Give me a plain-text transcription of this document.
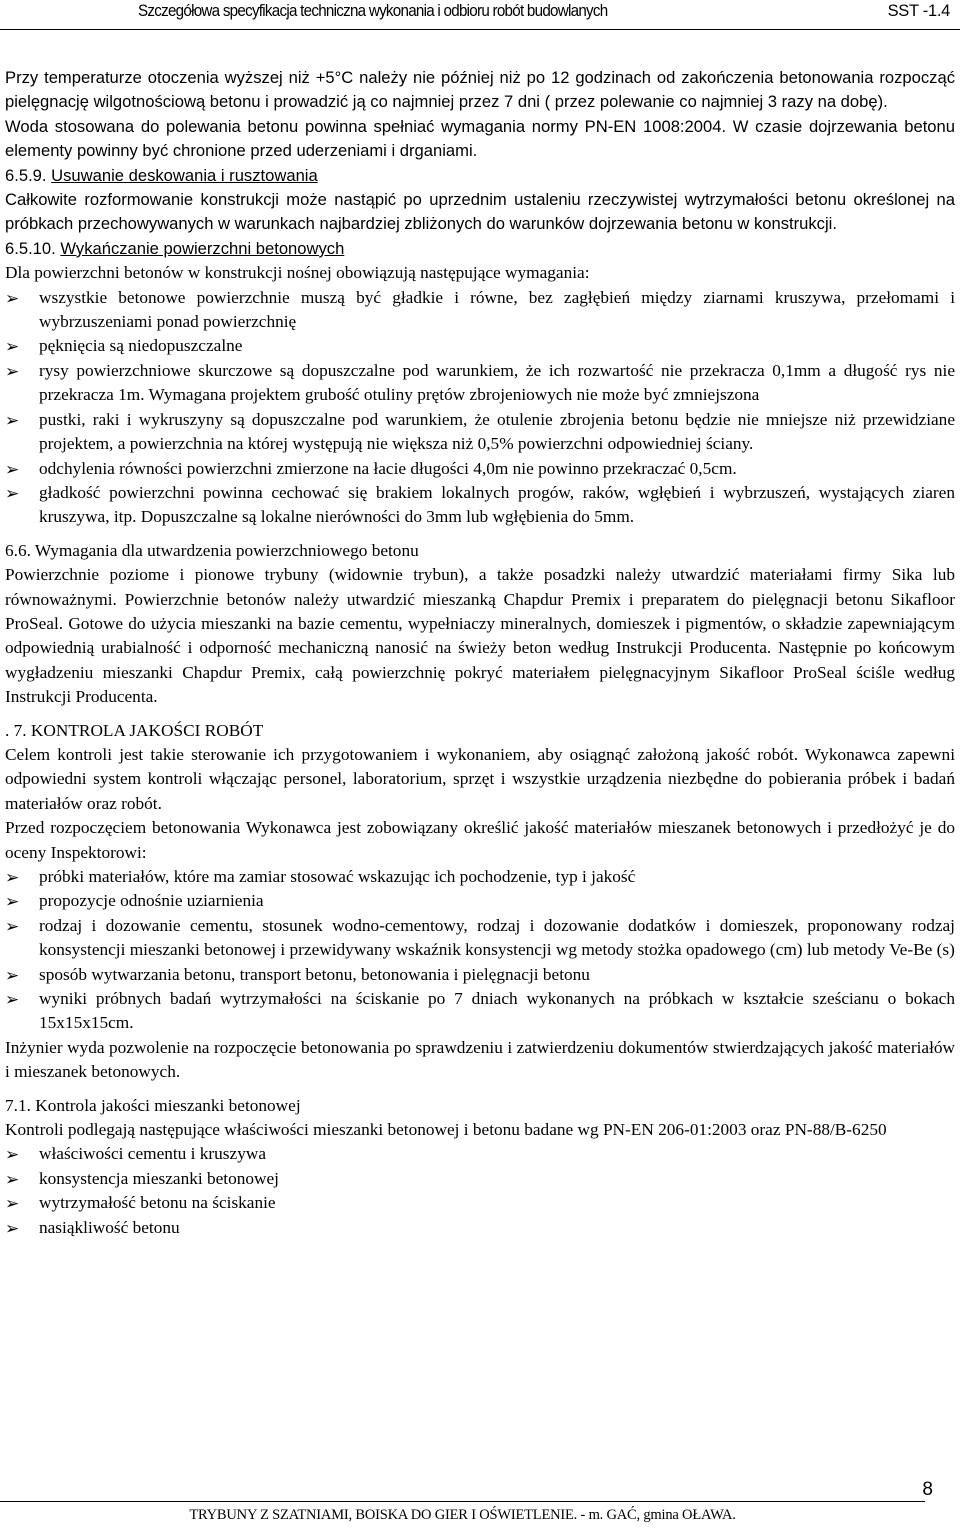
Szczegółowa specyfikacja techniczna wykonania i odbioru robót budowlanych	SST -1.4

Przy temperaturze otoczenia wyższej niż +5°C należy nie później niż po 12 godzinach od zakończenia betonowania rozpocząć pielęgnację wilgotnościową betonu i prowadzić ją co najmniej przez 7 dni ( przez polewanie co najmniej 3 razy na dobę).

Woda stosowana do polewania betonu powinna spełniać wymagania normy PN-EN 1008:2004. W czasie dojrzewania betonu elementy powinny być chronione przed uderzeniami i drganiami.

6.5.9. Usuwanie deskowania i rusztowania

Całkowite rozformowanie konstrukcji może nastąpić po uprzednim ustaleniu rzeczywistej wytrzymałości betonu określonej na próbkach przechowywanych w warunkach najbardziej zbliżonych do warunków dojrzewania betonu w konstrukcji.

6.5.10. Wykańczanie powierzchni betonowych

Dla powierzchni betonów w konstrukcji nośnej obowiązują następujące wymagania:

➢ wszystkie betonowe powierzchnie muszą być gładkie i równe, bez zagłębień między ziarnami kruszywa, przełomami i wybrzuszeniami ponad powierzchnię
➢ pęknięcia są niedopuszczalne
➢ rysy powierzchniowe skurczowe są dopuszczalne pod warunkiem, że ich rozwartość nie przekracza 0,1mm a długość rys nie przekracza 1m. Wymagana projektem grubość otuliny prętów zbrojeniowych nie może być zmniejszona
➢ pustki, raki i wykruszyny są dopuszczalne pod warunkiem, że otulenie zbrojenia betonu będzie nie mniejsze niż przewidziane projektem, a powierzchnia na której występują nie większa niż 0,5% powierzchni odpowiedniej ściany.
➢ odchylenia równości powierzchni zmierzone na łacie długości 4,0m nie powinno przekraczać 0,5cm.
➢ gładkość powierzchni powinna cechować się brakiem lokalnych progów, raków, wgłębień i wybrzuszeń, wystających ziaren kruszywa, itp. Dopuszczalne są lokalne nierówności do 3mm lub wgłębienia do 5mm.
6.6. Wymagania dla utwardzenia powierzchniowego betonu

Powierzchnie poziome i pionowe trybuny (widownie trybun), a także posadzki należy utwardzić materiałami firmy Sika lub równoważnymi. Powierzchnie betonów należy utwardzić mieszanką Chapdur Premix i preparatem do pielęgnacji betonu Sikafloor ProSeal. Gotowe do użycia mieszanki na bazie cementu, wypełniaczy mineralnych, domieszek i pigmentów, o składzie zapewniającym odpowiednią urabialność i odporność mechaniczną nanosić na świeży beton według Instrukcji Producenta. Następnie po końcowym wygładzeniu mieszanki Chapdur Premix, całą powierzchnię pokryć materiałem pielęgnacyjnym Sikafloor ProSeal ściśle według Instrukcji Producenta.

. 7. KONTROLA JAKOŚCI ROBÓT

Celem kontroli jest takie sterowanie ich przygotowaniem i wykonaniem, aby osiągnąć założoną jakość robót. Wykonawca zapewni odpowiedni system kontroli włączając personel, laboratorium, sprzęt i wszystkie urządzenia niezbędne do pobierania próbek i badań materiałów oraz robót.

Przed rozpoczęciem betonowania Wykonawca jest zobowiązany określić jakość materiałów mieszanek betonowych i przedłożyć je do oceny Inspektorowi:

➢ próbki materiałów, które ma zamiar stosować wskazując ich pochodzenie, typ i jakość
➢ propozycje odnośnie uziarnienia
➢ rodzaj i dozowanie cementu, stosunek wodno-cementowy, rodzaj i dozowanie dodatków i domieszek, proponowany rodzaj konsystencji mieszanki betonowej i przewidywany wskaźnik konsystencji wg metody stożka opadowego (cm) lub metody Ve-Be (s)
➢ sposób wytwarzania betonu, transport betonu, betonowania i pielęgnacji betonu
➢ wyniki próbnych badań wytrzymałości na ściskanie po 7 dniach wykonanych na próbkach w kształcie sześcianu o bokach 15x15x15cm.

Inżynier wyda pozwolenie na rozpoczęcie betonowania po sprawdzeniu i zatwierdzeniu dokumentów stwierdzających jakość materiałów i mieszanek betonowych.

7.1. Kontrola jakości mieszanki betonowej

Kontroli podlegają następujące właściwości mieszanki betonowej i betonu badane wg PN-EN 206-01:2003 oraz PN-88/B-6250

➢ właściwości cementu i kruszywa
➢ konsystencja mieszanki betonowej
➢ wytrzymałość betonu na ściskanie
➢ nasiąkliwość betonu
8
TRYBUNY Z SZATNIAMI, BOISKA DO GIER I OŚWIETLENIE. - m. GAĆ, gmina OŁAWA.
